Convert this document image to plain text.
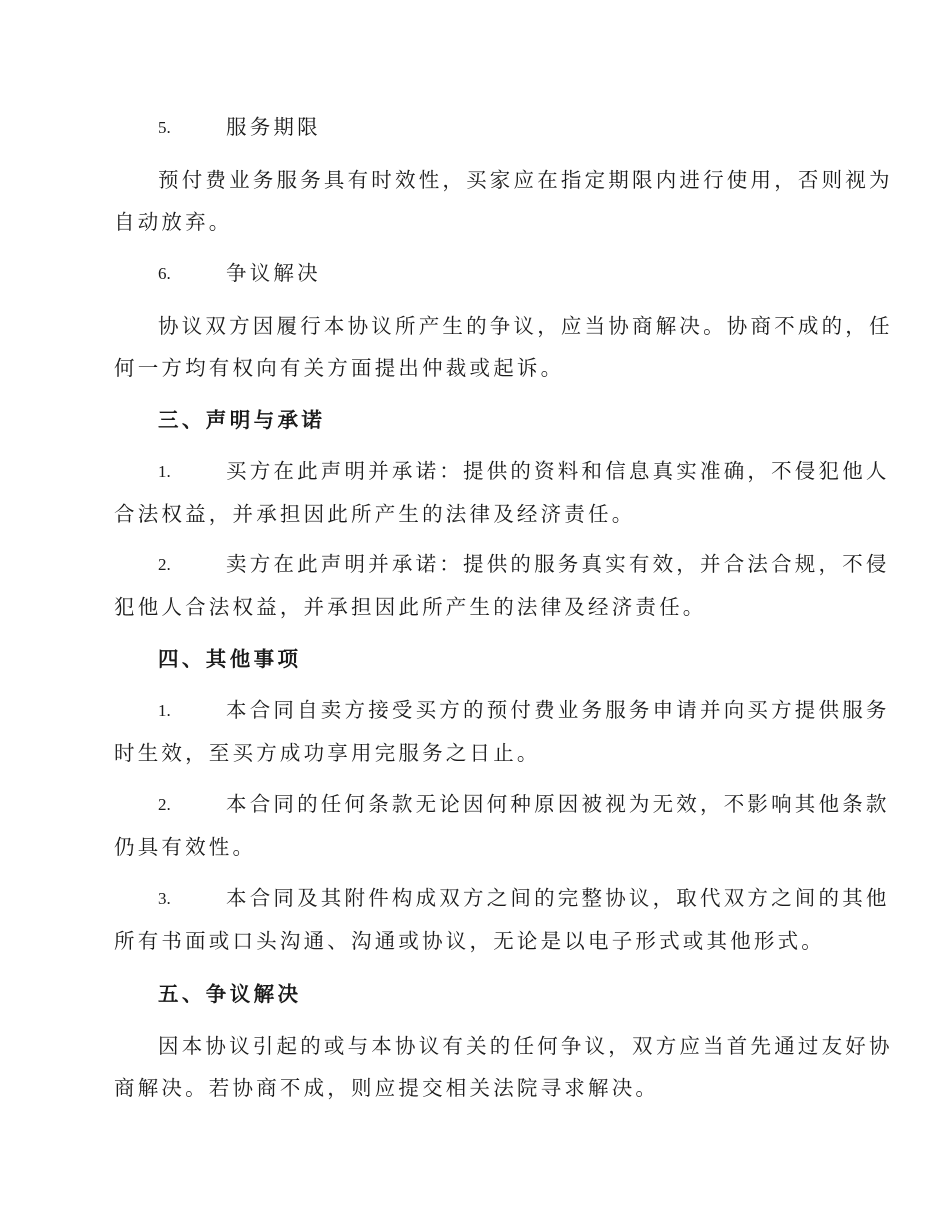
5.	服务期限
预付费业务服务具有时效性，买家应在指定期限内进行使用，否则视为
自动放弃。
6.	争议解决
协议双方因履行本协议所产生的争议，应当协商解决。协商不成的，任
何一方均有权向有关方面提出仲裁或起诉。
三、声明与承诺
1.	买方在此声明并承诺：提供的资料和信息真实准确，不侵犯他人
合法权益，并承担因此所产生的法律及经济责任。
2.	卖方在此声明并承诺：提供的服务真实有效，并合法合规，不侵
犯他人合法权益，并承担因此所产生的法律及经济责任。
四、其他事项
1.	本合同自卖方接受买方的预付费业务服务申请并向买方提供服务
时生效，至买方成功享用完服务之日止。
2.	本合同的任何条款无论因何种原因被视为无效，不影响其他条款
仍具有效性。
3.	本合同及其附件构成双方之间的完整协议，取代双方之间的其他
所有书面或口头沟通、沟通或协议，无论是以电子形式或其他形式。
五、争议解决
因本协议引起的或与本协议有关的任何争议，双方应当首先通过友好协
商解决。若协商不成，则应提交相关法院寻求解决。
